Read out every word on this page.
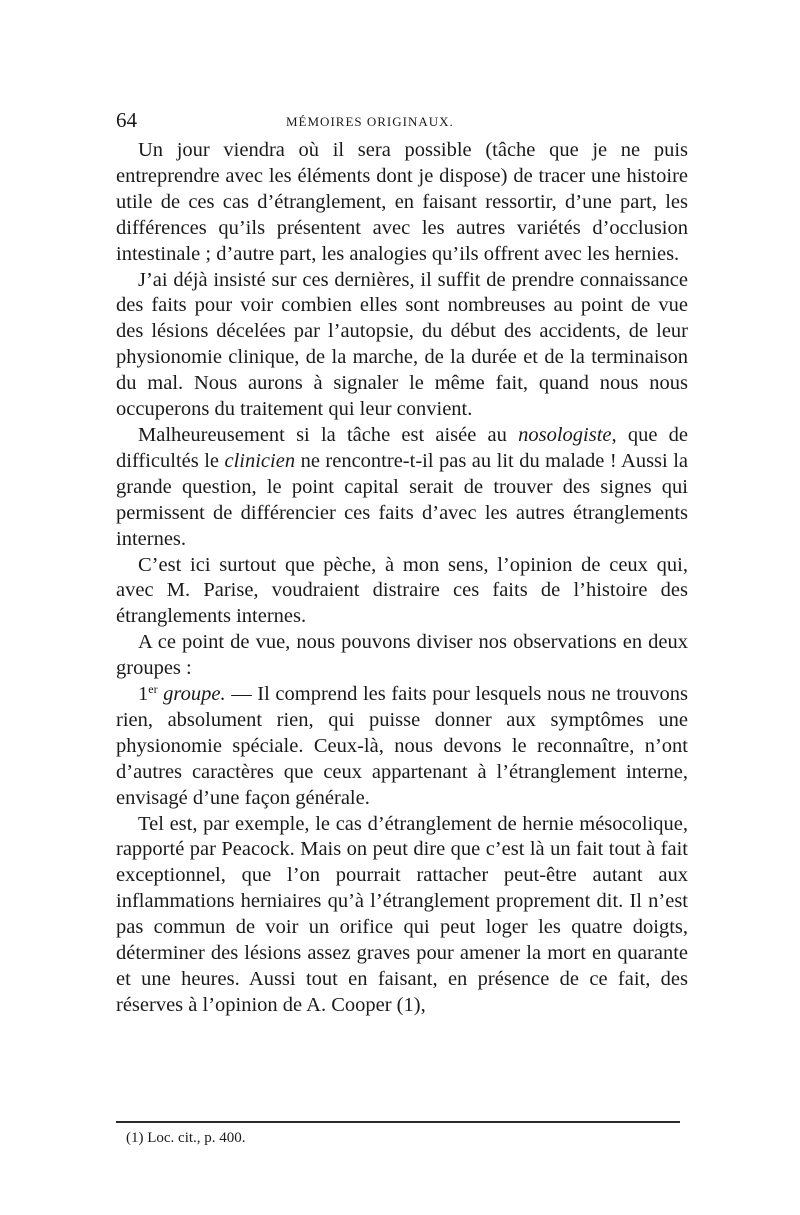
64	MÉMOIRES ORIGINAUX.

Un jour viendra où il sera possible (tâche que je ne puis entreprendre avec les éléments dont je dispose) de tracer une histoire utile de ces cas d’étranglement, en faisant ressortir, d’une part, les différences qu’ils présentent avec les autres variétés d’occlusion intestinale ; d’autre part, les analogies qu’ils offrent avec les hernies.

J’ai déjà insisté sur ces dernières, il suffit de prendre connaissance des faits pour voir combien elles sont nombreuses au point de vue des lésions décelées par l’autopsie, du début des accidents, de leur physionomie clinique, de la marche, de la durée et de la terminaison du mal. Nous aurons à signaler le même fait, quand nous nous occuperons du traitement qui leur convient.

Malheureusement si la tâche est aisée au nosologiste, que de difficultés le clinicien ne rencontre-t-il pas au lit du malade ! Aussi la grande question, le point capital serait de trouver des signes qui permissent de différencier ces faits d’avec les autres étranglements internes.

C’est ici surtout que pèche, à mon sens, l’opinion de ceux qui, avec M. Parise, voudraient distraire ces faits de l’histoire des étranglements internes.

A ce point de vue, nous pouvons diviser nos observations en deux groupes :

1er groupe. — Il comprend les faits pour lesquels nous ne trouvons rien, absolument rien, qui puisse donner aux symptômes une physionomie spéciale. Ceux-là, nous devons le reconnaître, n’ont d’autres caractères que ceux appartenant à l’étranglement interne, envisagé d’une façon générale.

Tel est, par exemple, le cas d’étranglement de hernie mésocolique, rapporté par Peacock. Mais on peut dire que c’est là un fait tout à fait exceptionnel, que l’on pourrait rattacher peut-être autant aux inflammations herniaires qu’à l’étranglement proprement dit. Il n’est pas commun de voir un orifice qui peut loger les quatre doigts, déterminer des lésions assez graves pour amener la mort en quarante et une heures. Aussi tout en faisant, en présence de ce fait, des réserves à l’opinion de A. Cooper (1),

(1) Loc. cit., p. 400.
